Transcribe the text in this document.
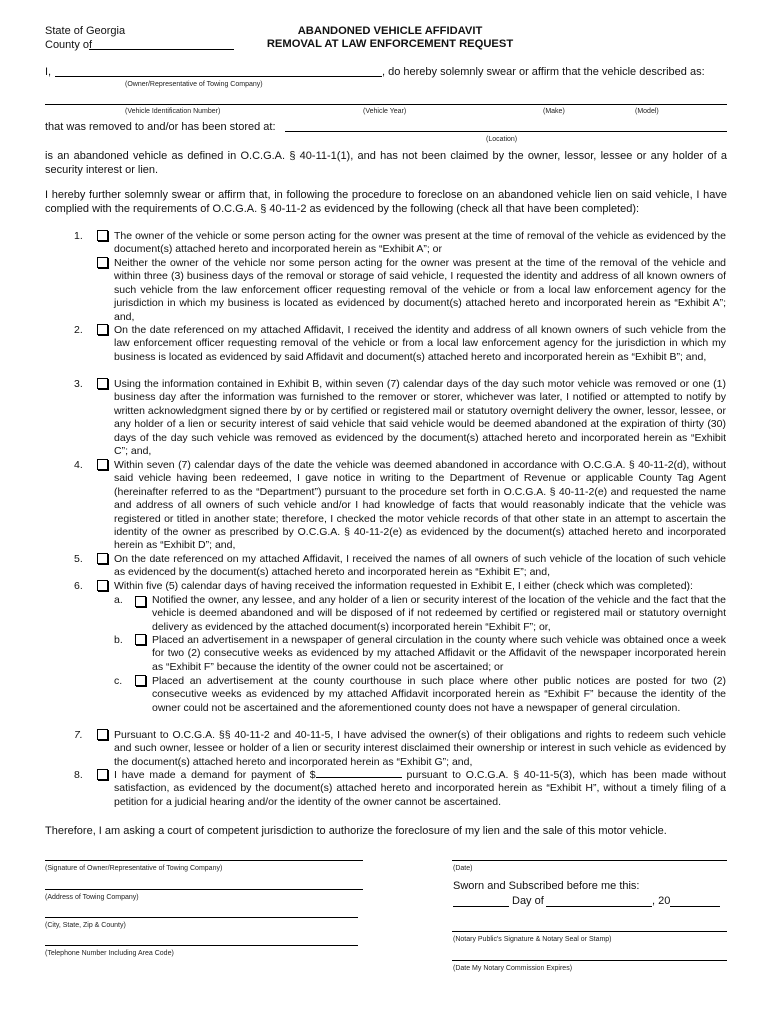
State of Georgia
County of
ABANDONED VEHICLE AFFIDAVIT
REMOVAL AT LAW ENFORCEMENT REQUEST
I,	, do hereby solemnly swear or affirm that the vehicle described as:
(Owner/Representative of Towing Company)
(Vehicle Identification Number)	(Vehicle Year)	(Make)	(Model)
that was removed to and/or has been stored at:
(Location)
is an abandoned vehicle as defined in O.C.G.A. § 40-11-1(1), and has not been claimed by the owner, lessor, lessee or any holder of a security interest or lien.
I hereby further solemnly swear or affirm that, in following the procedure to foreclose on an abandoned vehicle lien on said vehicle, I have complied with the requirements of O.C.G.A. § 40-11-2 as evidenced by the following (check all that have been completed):
1.	The owner of the vehicle or some person acting for the owner was present at the time of removal of the vehicle as evidenced by the document(s) attached hereto and incorporated herein as “Exhibit A”; or
Neither the owner of the vehicle nor some person acting for the owner was present at the time of the removal of the vehicle and within three (3) business days of the removal or storage of said vehicle, I requested the identity and address of all known owners of such vehicle from the law enforcement officer requesting removal of the vehicle or from a local law enforcement agency for the jurisdiction in which my business is located as evidenced by document(s) attached hereto and incorporated herein as “Exhibit A”; and,
2.	On the date referenced on my attached Affidavit, I received the identity and address of all known owners of such vehicle from the law enforcement officer requesting removal of the vehicle or from a local law enforcement agency for the jurisdiction in which my business is located as evidenced by said Affidavit and document(s) attached hereto and incorporated herein as “Exhibit B”; and,
3.	Using the information contained in Exhibit B, within seven (7) calendar days of the day such motor vehicle was removed or one (1) business day after the information was furnished to the remover or storer, whichever was later, I notified or attempted to notify by written acknowledgment signed there by or by certified or registered mail or statutory overnight delivery the owner, lessor, lessee, or any holder of a lien or security interest of said vehicle that said vehicle would be deemed abandoned at the expiration of thirty (30) days of the day such vehicle was removed as evidenced by the document(s) attached hereto and incorporated herein as “Exhibit C”; and,
4.	Within seven (7) calendar days of the date the vehicle was deemed abandoned in accordance with O.C.G.A. § 40-11-2(d), without said vehicle having been redeemed, I gave notice in writing to the Department of Revenue or applicable County Tag Agent (hereinafter referred to as the “Department”) pursuant to the procedure set forth in O.C.G.A. § 40-11-2(e) and requested the name and address of all owners of such vehicle and/or I had knowledge of facts that would reasonably indicate that the vehicle was registered or titled in another state; therefore, I checked the motor vehicle records of that other state in an attempt to ascertain the identity of the owner as prescribed by O.C.G.A. § 40-11-2(e) as evidenced by the document(s) attached hereto and incorporated herein as “Exhibit D”; and,
5.	On the date referenced on my attached Affidavit, I received the names of all owners of such vehicle of the location of such vehicle as evidenced by the document(s) attached hereto and incorporated herein as “Exhibit E”; and,
6.	Within five (5) calendar days of having received the information requested in Exhibit E, I either (check which was completed):
a.	Notified the owner, any lessee, and any holder of a lien or security interest of the location of the vehicle and the fact that the vehicle is deemed abandoned and will be disposed of if not redeemed by certified or registered mail or statutory overnight delivery as evidenced by the attached document(s) incorporated herein “Exhibit F”; or,
b.	Placed an advertisement in a newspaper of general circulation in the county where such vehicle was obtained once a week for two (2) consecutive weeks as evidenced by my attached Affidavit or the Affidavit of the newspaper incorporated herein as “Exhibit F” because the identity of the owner could not be ascertained; or
c.	Placed an advertisement at the county courthouse in such place where other public notices are posted for two (2) consecutive weeks as evidenced by my attached Affidavit incorporated herein as “Exhibit F” because the identity of the owner could not be ascertained and the aforementioned county does not have a newspaper of general circulation.
7.	Pursuant to O.C.G.A. §§ 40-11-2 and 40-11-5, I have advised the owner(s) of their obligations and rights to redeem such vehicle and such owner, lessee or holder of a lien or security interest disclaimed their ownership or interest in such vehicle as evidenced by the document(s) attached hereto and incorporated herein as “Exhibit G”; and,
8.	I have made a demand for payment of $	pursuant to O.C.G.A. § 40-11-5(3), which has been made without satisfaction, as evidenced by the document(s) attached hereto and incorporated herein as “Exhibit H”, without a timely filing of a petition for a judicial hearing and/or the identity of the owner cannot be ascertained.
Therefore, I am asking a court of competent jurisdiction to authorize the foreclosure of my lien and the sale of this motor vehicle.
(Signature of Owner/Representative of Towing Company)
(Address of Towing Company)
(City, State, Zip & County)
(Telephone Number Including Area Code)
(Date)
Sworn and Subscribed before me this:
Day of	, 20
(Notary Public's Signature & Notary Seal or Stamp)
(Date My Notary Commission Expires)
